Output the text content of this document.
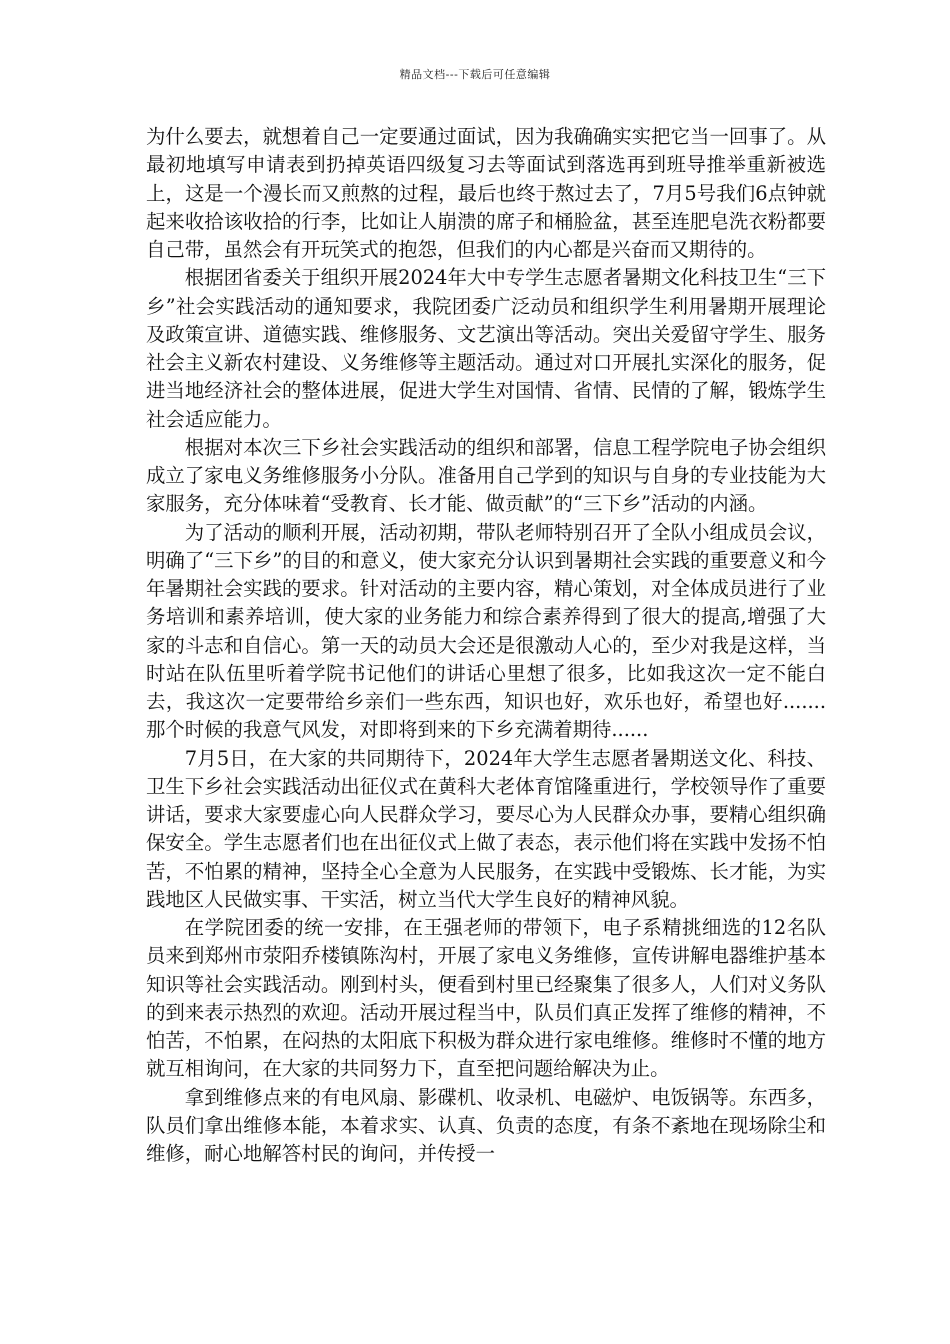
精品文档---下载后可任意编辑

为什么要去，就想着自己一定要通过面试，因为我确确实实把它当一回事了。从最初地填写申请表到扔掉英语四级复习去等面试到落选再到班导推举重新被选上，这是一个漫长而又煎熬的过程，最后也终于熬过去了，7月5号我们6点钟就起来收拾该收拾的行李，比如让人崩溃的席子和桶脸盆，甚至连肥皂洗衣粉都要自己带，虽然会有开玩笑式的抱怨，但我们的内心都是兴奋而又期待的。

根据团省委关于组织开展2024年大中专学生志愿者暑期文化科技卫生“三下乡”社会实践活动的通知要求，我院团委广泛动员和组织学生利用暑期开展理论及政策宣讲、道德实践、维修服务、文艺演出等活动。突出关爱留守学生、服务社会主义新农村建设、义务维修等主题活动。通过对口开展扎实深化的服务，促进当地经济社会的整体进展，促进大学生对国情、省情、民情的了解，锻炼学生社会适应能力。

根据对本次三下乡社会实践活动的组织和部署，信息工程学院电子协会组织成立了家电义务维修服务小分队。准备用自己学到的知识与自身的专业技能为大家服务，充分体味着“受教育、长才能、做贡献”的“三下乡”活动的内涵。

为了活动的顺利开展，活动初期，带队老师特别召开了全队小组成员会议，明确了“三下乡”的目的和意义，使大家充分认识到暑期社会实践的重要意义和今年暑期社会实践的要求。针对活动的主要内容，精心策划，对全体成员进行了业务培训和素养培训，使大家的业务能力和综合素养得到了很大的提高,增强了大家的斗志和自信心。第一天的动员大会还是很激动人心的，至少对我是这样，当时站在队伍里听着学院书记他们的讲话心里想了很多，比如我这次一定不能白去，我这次一定要带给乡亲们一些东西，知识也好，欢乐也好，希望也好.......那个时候的我意气风发，对即将到来的下乡充满着期待......

7月5日，在大家的共同期待下，2024年大学生志愿者暑期送文化、科技、卫生下乡社会实践活动出征仪式在黄科大老体育馆隆重进行，学校领导作了重要讲话，要求大家要虚心向人民群众学习，要尽心为人民群众办事，要精心组织确保安全。学生志愿者们也在出征仪式上做了表态，表示他们将在实践中发扬不怕苦，不怕累的精神，坚持全心全意为人民服务，在实践中受锻炼、长才能，为实践地区人民做实事、干实活，树立当代大学生良好的精神风貌。

在学院团委的统一安排，在王强老师的带领下，电子系精挑细选的12名队员来到郑州市荥阳乔楼镇陈沟村，开展了家电义务维修，宣传讲解电器维护基本知识等社会实践活动。刚到村头，便看到村里已经聚集了很多人，人们对义务队的到来表示热烈的欢迎。活动开展过程当中，队员们真正发挥了维修的精神，不怕苦，不怕累，在闷热的太阳底下积极为群众进行家电维修。维修时不懂的地方就互相询问，在大家的共同努力下，直至把问题给解决为止。

拿到维修点来的有电风扇、影碟机、收录机、电磁炉、电饭锅等。东西多，队员们拿出维修本能，本着求实、认真、负责的态度，有条不紊地在现场除尘和维修，耐心地解答村民的询问，并传授一
